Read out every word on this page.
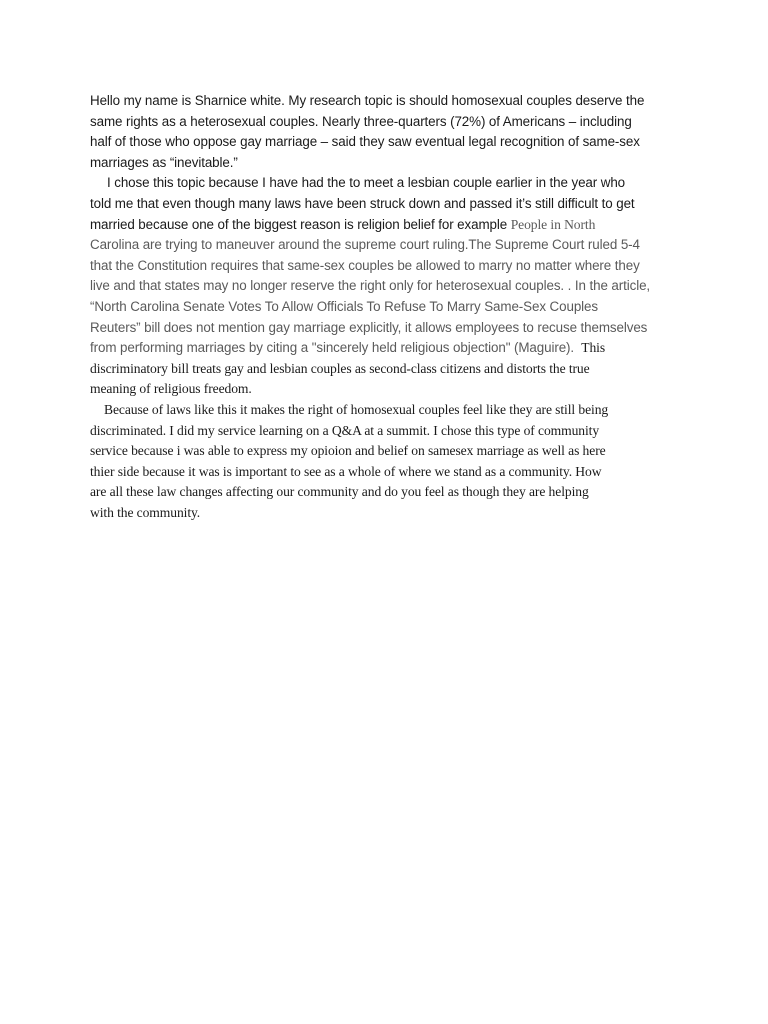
Hello my name is Sharnice white. My research topic is should homosexual couples deserve the
same rights as a heterosexual couples. Nearly three-quarters (72%) of Americans – including
half of those who oppose gay marriage – said they saw eventual legal recognition of same-sex
marriages as “inevitable.”
I chose this topic because I have had the to meet a lesbian couple earlier in the year who
told me that even though many laws have been struck down and passed it’s still difficult to get
married because one of the biggest reason is religion belief for example People in North
Carolina are trying to maneuver around the supreme court ruling.The Supreme Court ruled 5-4
that the Constitution requires that same-sex couples be allowed to marry no matter where they
live and that states may no longer reserve the right only for heterosexual couples. . In the article,
“North Carolina Senate Votes To Allow Officials To Refuse To Marry Same-Sex Couples
Reuters” bill does not mention gay marriage explicitly, it allows employees to recuse themselves
from performing marriages by citing a "sincerely held religious objection" (Maguire).  This
discriminatory bill treats gay and lesbian couples as second-class citizens and distorts the true
meaning of religious freedom.
Because of laws like this it makes the right of homosexual couples feel like they are still being
discriminated. I did my service learning on a Q&A at a summit. I chose this type of community
service because i was able to express my opioion and belief on samesex marriage as well as here
thier side because it was is important to see as a whole of where we stand as a community. How
are all these law changes affecting our community and do you feel as though they are helping
with the community.
